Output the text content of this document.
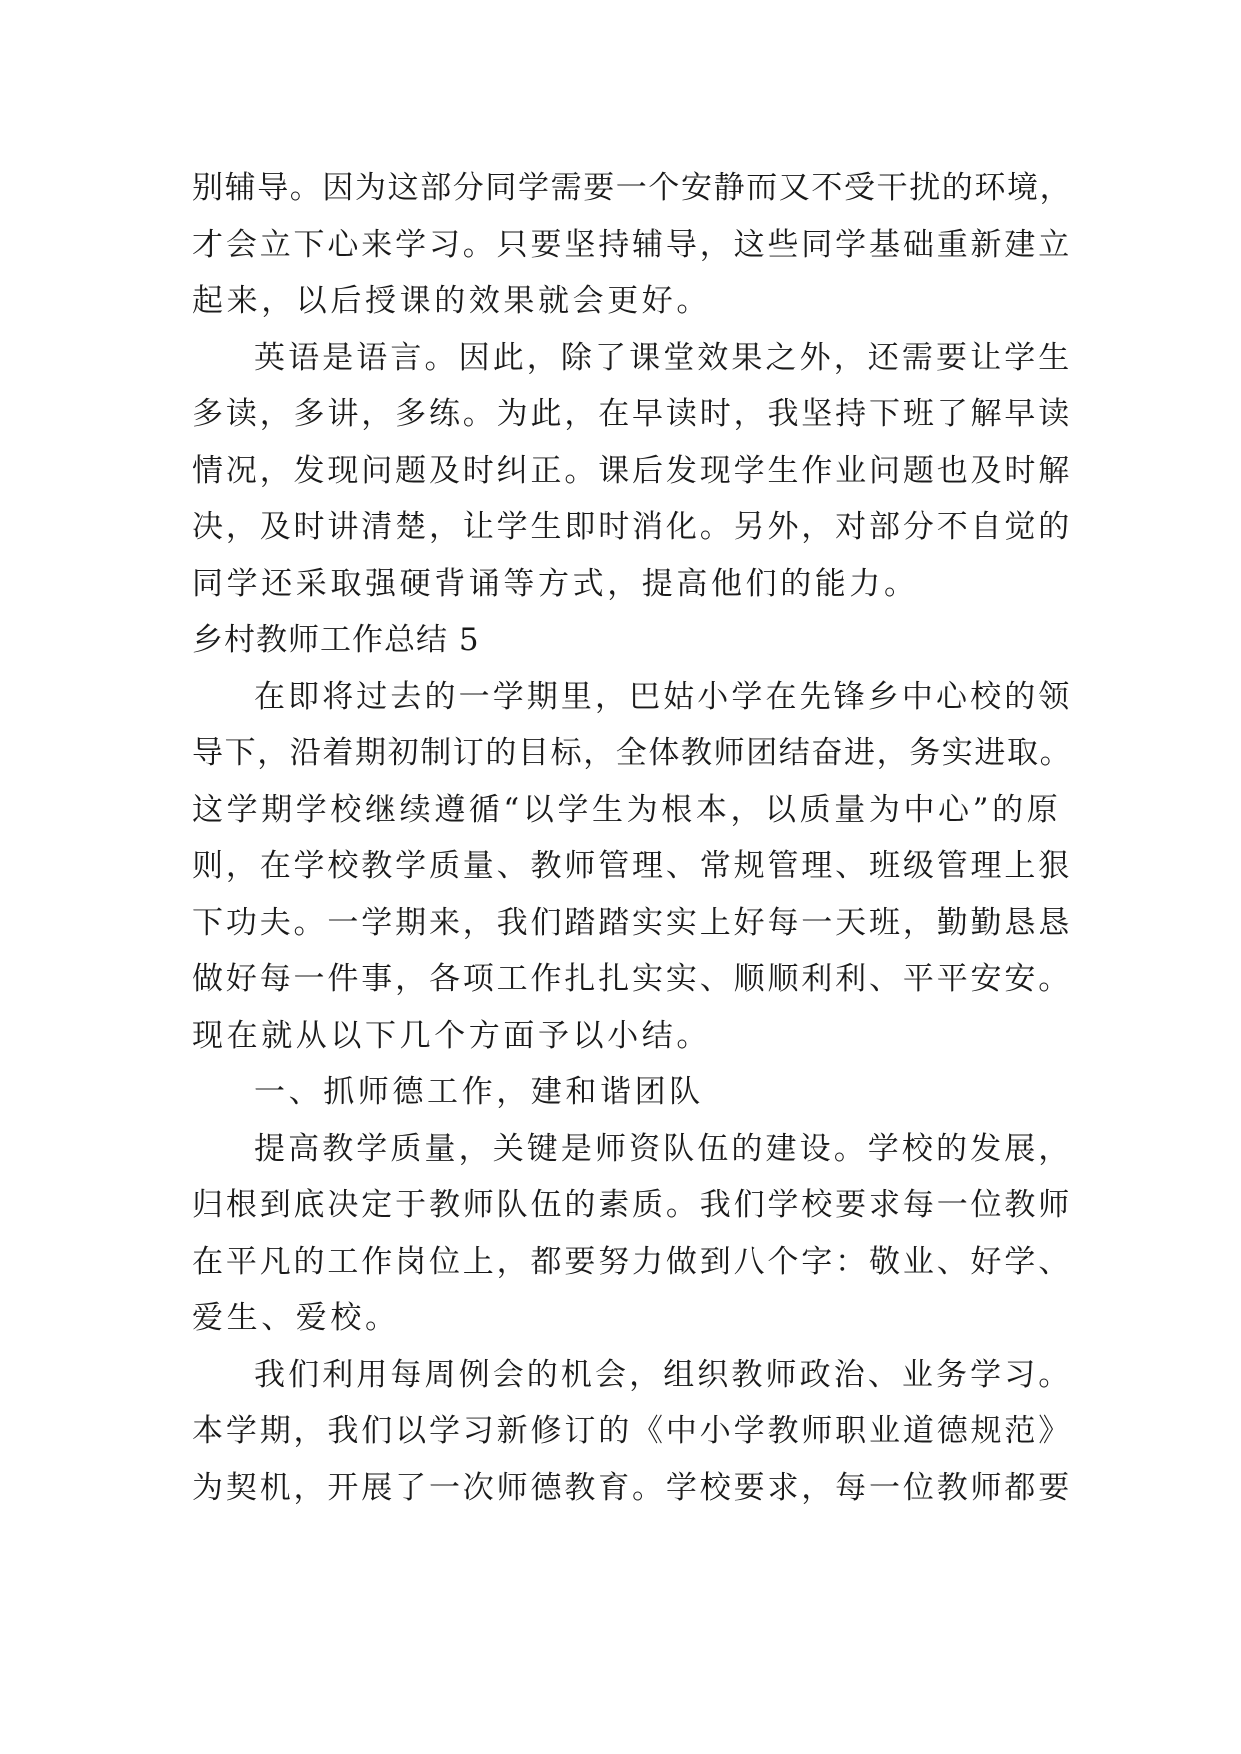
别辅导。因为这部分同学需要一个安静而又不受干扰的环境，
才会立下心来学习。只要坚持辅导，这些同学基础重新建立
起来，以后授课的效果就会更好。
英语是语言。因此，除了课堂效果之外，还需要让学生
多读，多讲，多练。为此，在早读时，我坚持下班了解早读
情况，发现问题及时纠正。课后发现学生作业问题也及时解
决，及时讲清楚，让学生即时消化。另外，对部分不自觉的
同学还采取强硬背诵等方式，提高他们的能力。
乡村教师工作总结 5
在即将过去的一学期里，巴姑小学在先锋乡中心校的领
导下，沿着期初制订的目标，全体教师团结奋进，务实进取。
这学期学校继续遵循“以学生为根本，以质量为中心”的原
则，在学校教学质量、教师管理、常规管理、班级管理上狠
下功夫。一学期来，我们踏踏实实上好每一天班，勤勤恳恳
做好每一件事，各项工作扎扎实实、顺顺利利、平平安安。
现在就从以下几个方面予以小结。
一、抓师德工作，建和谐团队
提高教学质量，关键是师资队伍的建设。学校的发展，
归根到底决定于教师队伍的素质。我们学校要求每一位教师
在平凡的工作岗位上，都要努力做到八个字：敬业、好学、
爱生、爱校。
我们利用每周例会的机会，组织教师政治、业务学习。
本学期，我们以学习新修订的《中小学教师职业道德规范》
为契机，开展了一次师德教育。学校要求，每一位教师都要
